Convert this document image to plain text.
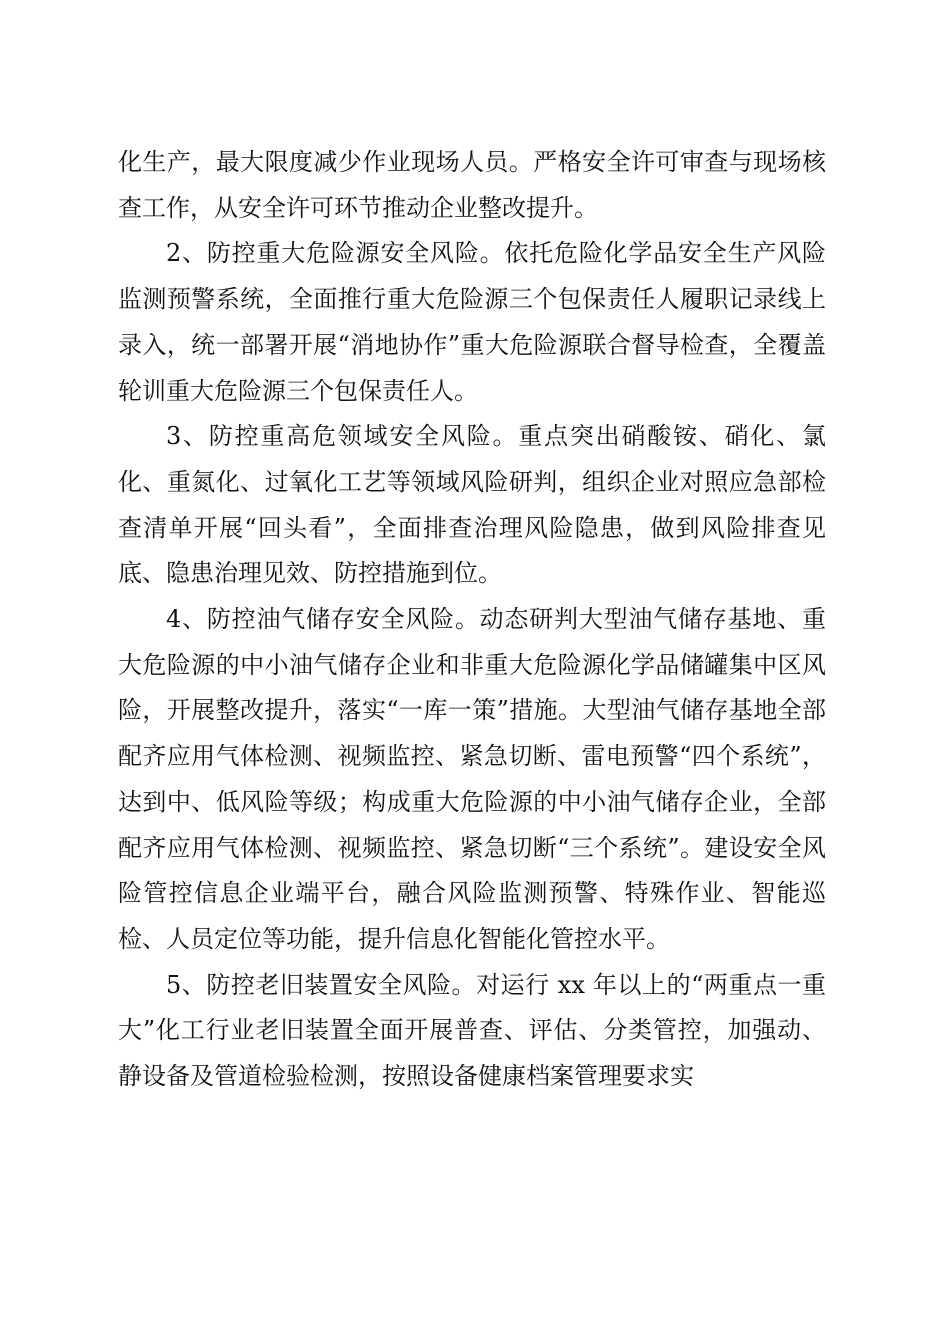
化生产，最大限度减少作业现场人员。严格安全许可审查与现场核查工作，从安全许可环节推动企业整改提升。

2、防控重大危险源安全风险。依托危险化学品安全生产风险监测预警系统，全面推行重大危险源三个包保责任人履职记录线上录入，统一部署开展“消地协作”重大危险源联合督导检查，全覆盖轮训重大危险源三个包保责任人。

3、防控重高危领域安全风险。重点突出硝酸铵、硝化、氯化、重氮化、过氧化工艺等领域风险研判，组织企业对照应急部检查清单开展“回头看”，全面排查治理风险隐患，做到风险排查见底、隐患治理见效、防控措施到位。

4、防控油气储存安全风险。动态研判大型油气储存基地、重大危险源的中小油气储存企业和非重大危险源化学品储罐集中区风险，开展整改提升，落实“一库一策”措施。大型油气储存基地全部配齐应用气体检测、视频监控、紧急切断、雷电预警“四个系统”，达到中、低风险等级；构成重大危险源的中小油气储存企业，全部配齐应用气体检测、视频监控、紧急切断“三个系统”。建设安全风险管控信息企业端平台，融合风险监测预警、特殊作业、智能巡检、人员定位等功能，提升信息化智能化管控水平。

5、防控老旧装置安全风险。对运行 xx 年以上的“两重点一重大”化工行业老旧装置全面开展普查、评估、分类管控，加强动、静设备及管道检验检测，按照设备健康档案管理要求实
